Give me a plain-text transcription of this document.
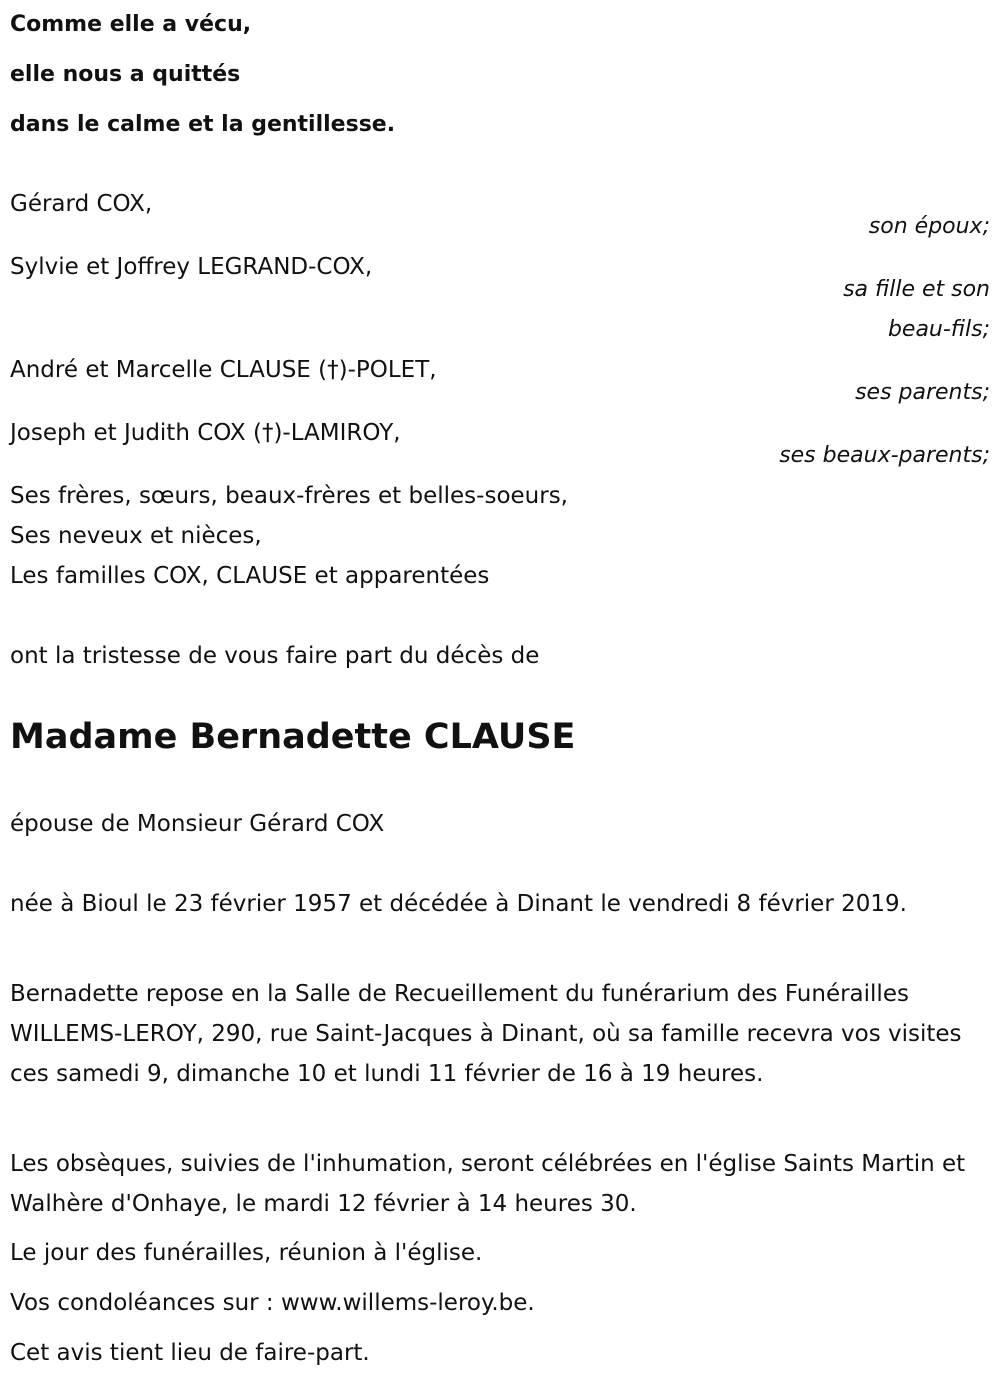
Comme elle a vécu,
elle nous a quittés
dans le calme et la gentillesse.
Gérard COX,
son époux;
Sylvie et Joffrey LEGRAND-COX,
sa fille et son
beau-fils;
André et Marcelle CLAUSE (†)-POLET,
ses parents;
Joseph et Judith COX (†)-LAMIROY,
ses beaux-parents;
Ses frères, sœurs, beaux-frères et belles-soeurs,
Ses neveux et nièces,
Les familles COX, CLAUSE et apparentées
ont la tristesse de vous faire part du décès de
Madame Bernadette CLAUSE
épouse de Monsieur Gérard COX
née à Bioul le 23 février 1957 et décédée à Dinant le vendredi 8 février 2019.
Bernadette repose en la Salle de Recueillement du funérarium des Funérailles WILLEMS-LEROY, 290, rue Saint-Jacques à Dinant, où sa famille recevra vos visites ces samedi 9, dimanche 10 et lundi 11 février de 16 à 19 heures.
Les obsèques, suivies de l'inhumation, seront célébrées en l'église Saints Martin et Walhère d'Onhaye, le mardi 12 février à 14 heures 30.
Le jour des funérailles, réunion à l'église.
Vos condoléances sur : www.willems-leroy.be.
Cet avis tient lieu de faire-part.
